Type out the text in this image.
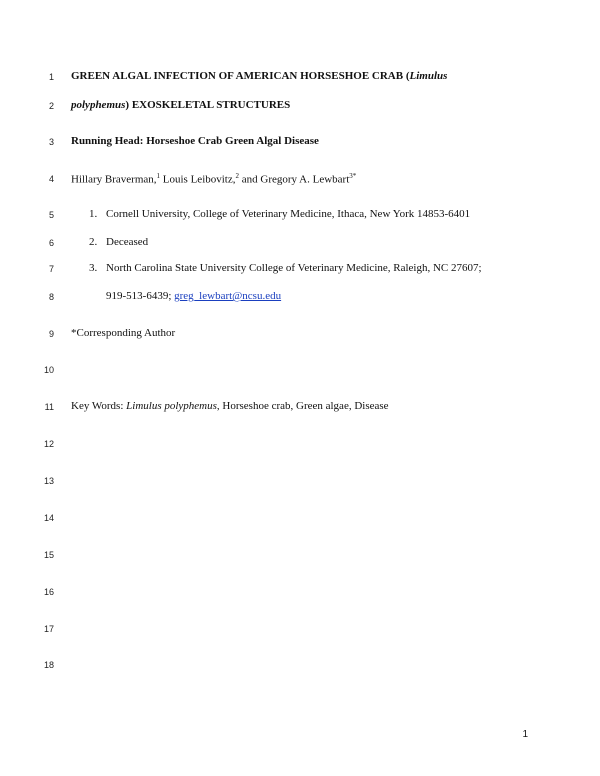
1
2
3
4
5
6
7
8
9
10
11
12
13
14
15
16
17
18
GREEN ALGAL INFECTION OF AMERICAN HORSESHOE CRAB (Limulus
polyphemus) EXOSKELETAL STRUCTURES
Running Head: Horseshoe Crab Green Algal Disease
Hillary Braverman,$^1$ Louis Leibovitz,$^2$ and Gregory A. Lewbart$^{3*}$
1. Cornell University, College of Veterinary Medicine, Ithaca, New York 14853-6401
2. Deceased
3. North Carolina State University College of Veterinary Medicine, Raleigh, NC 27607;
919-513-6439; greg_lewbart@ncsu.edu
*Corresponding Author
Key Words: Limulus polyphemus, Horseshoe crab, Green algae, Disease
1
